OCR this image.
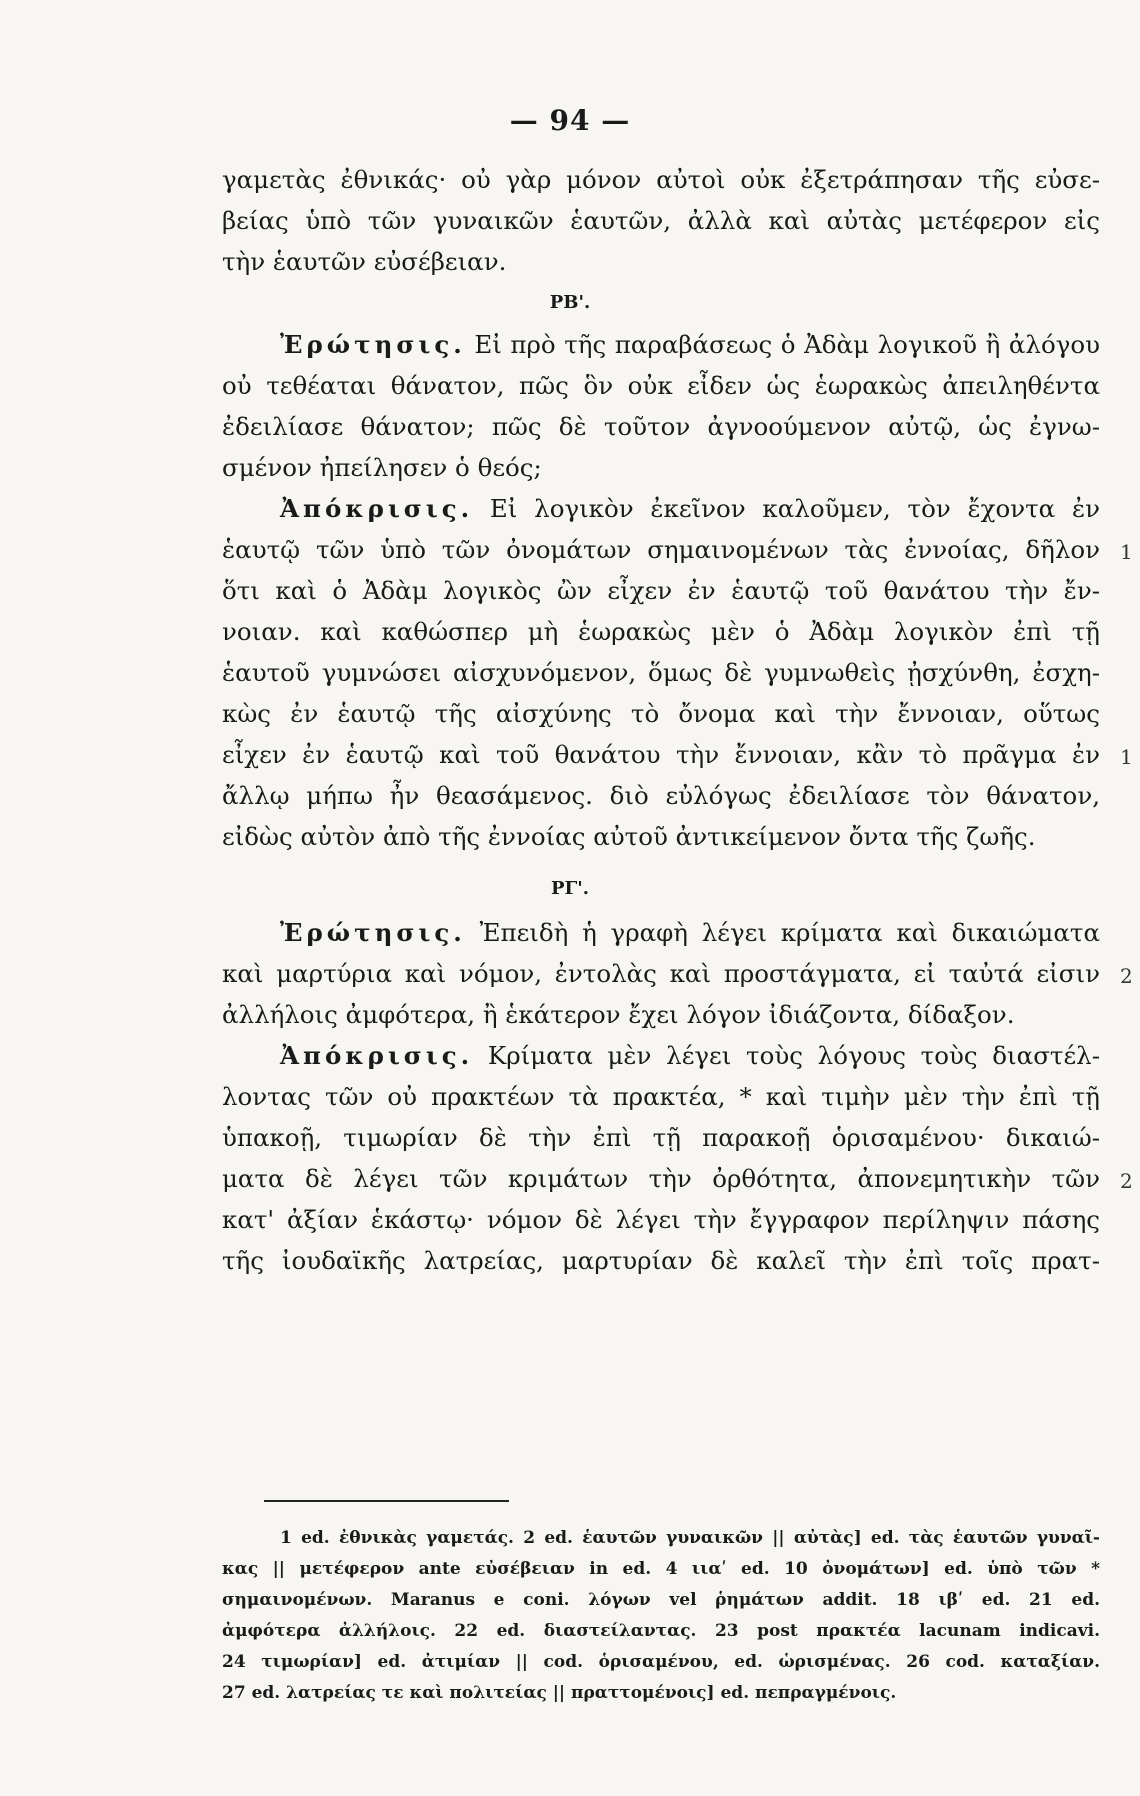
— 94 —
γαμετὰς ἐθνικάς· οὐ γὰρ μόνον αὐτοὶ οὐκ ἐξετράπησαν τῆς εὐσε-
βείας ὑπὸ τῶν γυναικῶν ἑαυτῶν, ἀλλὰ καὶ αὐτὰς μετέφερον εἰς
τὴν ἑαυτῶν εὐσέβειαν.
PB'.
Ἐρώτησις. Εἰ πρὸ τῆς παραβάσεως ὁ Ἀδὰμ λογικοῦ ἢ ἀλόγου
οὐ τεθέαται θάνατον, πῶς ὃν οὐκ εἶδεν ὡς ἑωρακὼς ἀπειληθέντα
ἐδειλίασε θάνατον; πῶς δὲ τοῦτον ἀγνοούμενον αὐτῷ, ὡς ἐγνω-
σμένον ἠπείλησεν ὁ θεός;
Ἀπόκρισις. Εἰ λογικὸν ἐκεῖνον καλοῦμεν, τὸν ἔχοντα ἐν
ἑαυτῷ τῶν ὑπὸ τῶν ὀνομάτων σημαινομένων τὰς ἐννοίας, δῆλον
ὅτι καὶ ὁ Ἀδὰμ λογικὸς ὢν εἶχεν ἐν ἑαυτῷ τοῦ θανάτου τὴν ἔν-
νοιαν. καὶ καθώσπερ μὴ ἑωρακὼς μὲν ὁ Ἀδὰμ λογικὸν ἐπὶ τῇ
ἑαυτοῦ γυμνώσει αἰσχυνόμενον, ὅμως δὲ γυμνωθεὶς ᾐσχύνθη, ἐσχη-
κὼς ἐν ἑαυτῷ τῆς αἰσχύνης τὸ ὄνομα καὶ τὴν ἔννοιαν, οὕτως
εἶχεν ἐν ἑαυτῷ καὶ τοῦ θανάτου τὴν ἔννοιαν, κἂν τὸ πρᾶγμα ἐν
ἄλλῳ μήπω ἦν θεασάμενος. διὸ εὐλόγως ἐδειλίασε τὸν θάνατον,
εἰδὼς αὐτὸν ἀπὸ τῆς ἐννοίας αὐτοῦ ἀντικείμενον ὄντα τῆς ζωῆς.
PΓ'.
Ἐρώτησις. Ἐπειδὴ ἡ γραφὴ λέγει κρίματα καὶ δικαιώματα
καὶ μαρτύρια καὶ νόμον, ἐντολὰς καὶ προστάγματα, εἰ ταὐτά εἰσιν
ἀλλήλοις ἀμφότερα, ἢ ἑκάτερον ἔχει λόγον ἰδιάζοντα, δίδαξον.
Ἀπόκρισις. Κρίματα μὲν λέγει τοὺς λόγους τοὺς διαστέλ-
λοντας τῶν οὐ πρακτέων τὰ πρακτέα, * καὶ τιμὴν μὲν τὴν ἐπὶ τῇ
ὑπακοῇ, τιμωρίαν δὲ τὴν ἐπὶ τῇ παρακοῇ ὁρισαμένου· δικαιώ-
ματα δὲ λέγει τῶν κριμάτων τὴν ὀρθότητα, ἀπονεμητικὴν τῶν
κατ' ἀξίαν ἑκάστῳ· νόμον δὲ λέγει τὴν ἔγγραφον περίληψιν πάσης
τῆς ἰουδαϊκῆς λατρείας, μαρτυρίαν δὲ καλεῖ τὴν ἐπὶ τοῖς πρατ-
1
1
2
2
1 ed. ἐθνικὰς γαμετάς. 2 ed. ἑαυτῶν γυναικῶν || αὐτὰς] ed. τὰς ἑαυτῶν γυναῖ-
κας || μετέφερον ante εὐσέβειαν in ed. 4 ιιαʹ ed. 10 ὀνομάτων] ed. ὑπὸ τῶν *
σημαινομένων. Maranus e coni. λόγων vel ῥημάτων addit. 18 ιβʹ ed. 21 ed.
ἀμφότερα ἀλλήλοις. 22 ed. διαστείλαντας. 23 post πρακτέα lacunam indicavi.
24 τιμωρίαν] ed. ἀτιμίαν || cod. ὁρισαμένου, ed. ὡρισμένας. 26 cod. καταξίαν.
27 ed. λατρείας τε καὶ πολιτείας || πραττομένοις] ed. πεπραγμένοις.
